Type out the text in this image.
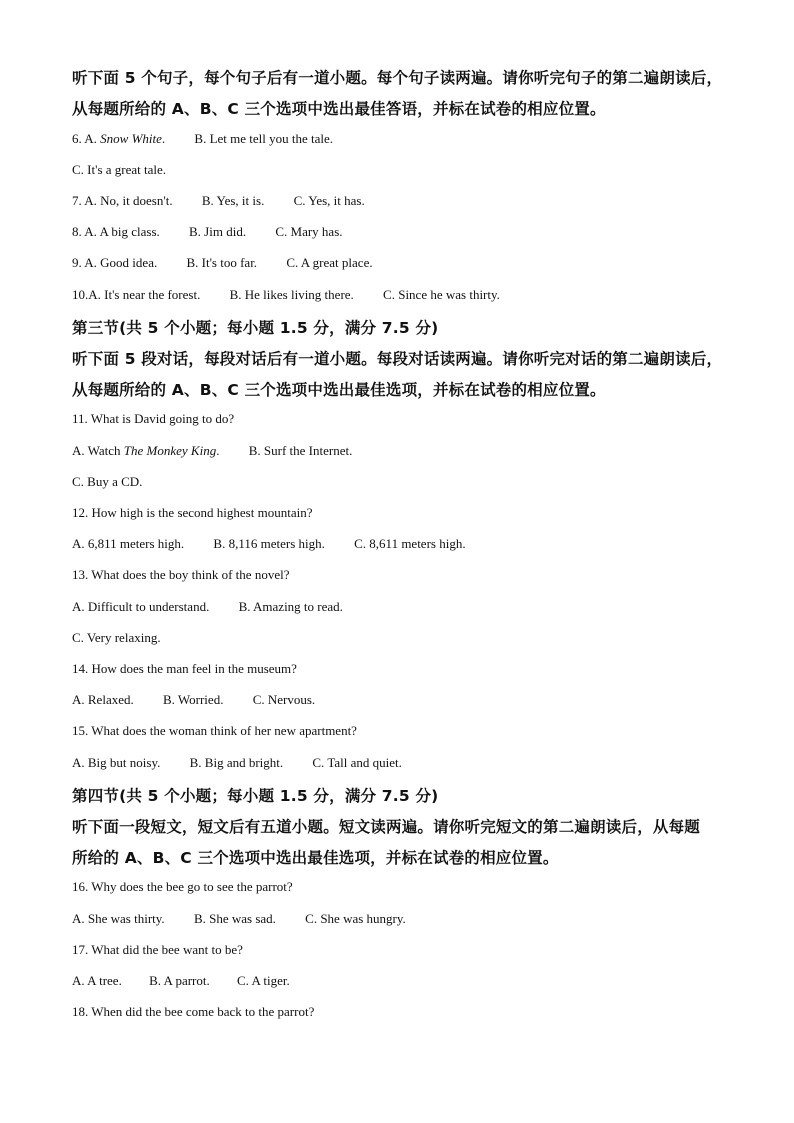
听下面 5 个句子，每个句子后有一道小题。每个句子读两遍。请你听完句子的第二遍朗读后，
从每题所给的 A、B、C 三个选项中选出最佳答语，并标在试卷的相应位置。
6. A. Snow White. B. Let me tell you the tale.
C. It's a great tale.
7. A. No, it doesn't. B. Yes, it is. C. Yes, it has.
8. A. A big class. B. Jim did. C. Mary has.
9. A. Good idea. B. It's too far. C. A great place.
10.A. It's near the forest. B. He likes living there. C. Since he was thirty.
第三节(共 5 个小题；每小题 1.5 分，满分 7.5 分)
听下面 5 段对话，每段对话后有一道小题。每段对话读两遍。请你听完对话的第二遍朗读后，
从每题所给的 A、B、C 三个选项中选出最佳选项，并标在试卷的相应位置。
11. What is David going to do?
A. Watch The Monkey King. B. Surf the Internet.
C. Buy a CD.
12. How high is the second highest mountain?
A. 6,811 meters high. B. 8,116 meters high. C. 8,611 meters high.
13. What does the boy think of the novel?
A. Difficult to understand. B. Amazing to read.
C. Very relaxing.
14. How does the man feel in the museum?
A. Relaxed. B. Worried. C. Nervous.
15. What does the woman think of her new apartment?
A. Big but noisy. B. Big and bright. C. Tall and quiet.
第四节(共 5 个小题；每小题 1.5 分，满分 7.5 分)
听下面一段短文，短文后有五道小题。短文读两遍。请你听完短文的第二遍朗读后，从每题
所给的 A、B、C 三个选项中选出最佳选项，并标在试卷的相应位置。
16. Why does the bee go to see the parrot?
A. She was thirty. B. She was sad. C. She was hungry.
17. What did the bee want to be?
A. A tree. B. A parrot. C. A tiger.
18. When did the bee come back to the parrot?
